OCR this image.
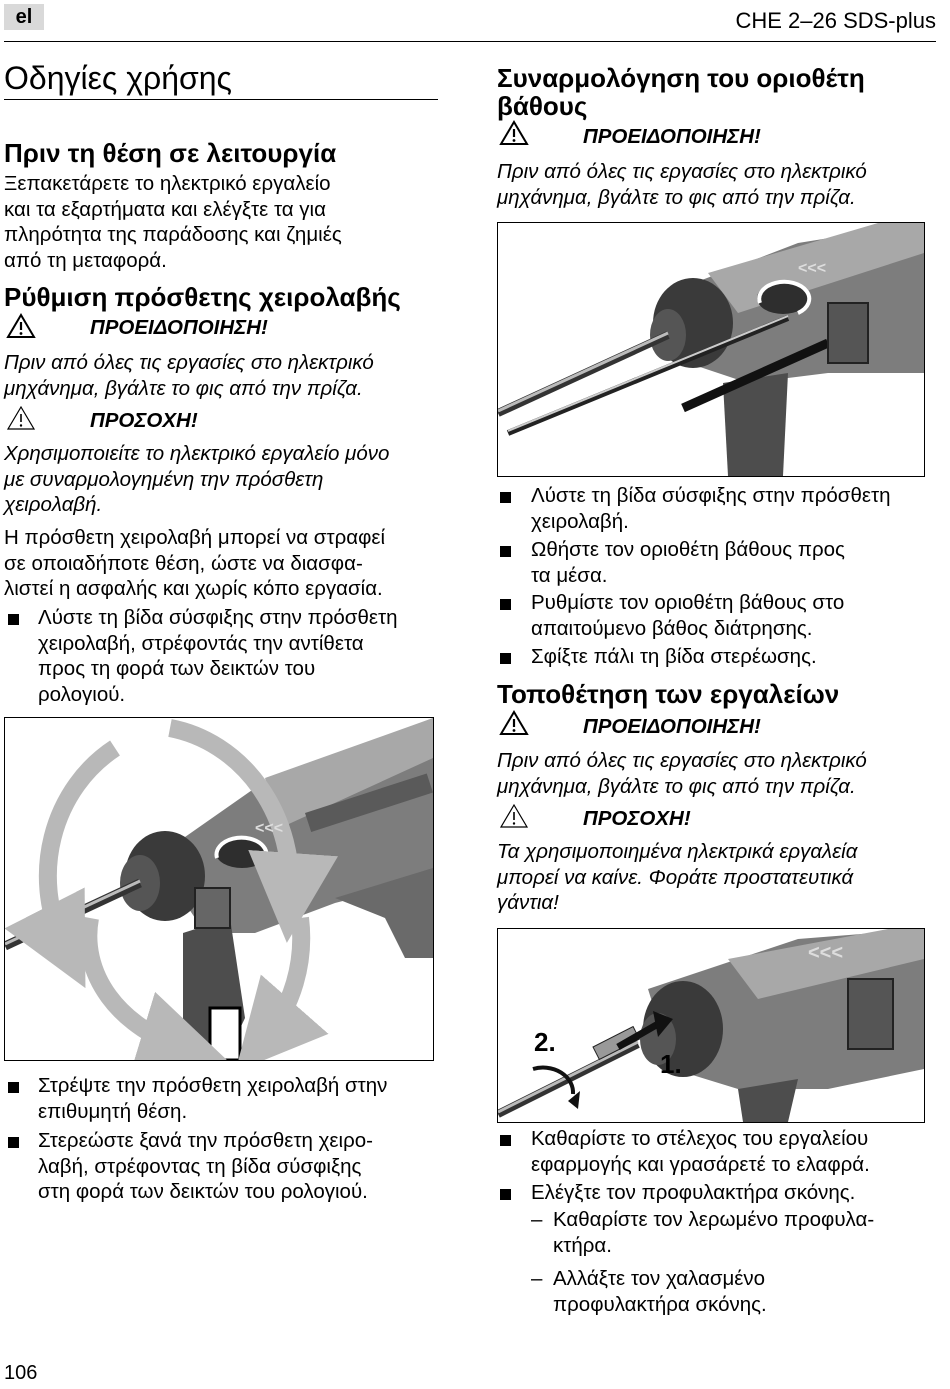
el	CHE 2–26 SDS-plus
Οδηγίες χρήσης
Πριν τη θέση σε λειτουργία
Ξεπακετάρετε το ηλεκτρικό εργαλείο
και τα εξαρτήματα και ελέγξτε τα για
πληρότητα της παράδοσης και ζημιές
από τη μεταφορά.
Ρύθμιση πρόσθετης χειρολαβής
ΠΡΟΕΙΔΟΠΟΙΗΣΗ!
Πριν από όλες τις εργασίες στο ηλεκτρικό
μηχάνημα, βγάλτε το φις από την πρίζα.
ΠΡΟΣΟΧΗ!
Χρησιμοποιείτε το ηλεκτρικό εργαλείο μόνο
με συναρμολογημένη την πρόσθετη
χειρολαβή.
Η πρόσθετη χειρολαβή μπορεί να στραφεί
σε οποιαδήποτε θέση, ώστε να διασφα-
λιστεί η ασφαλής και χωρίς κόπο εργασία.
Λύστε τη βίδα σύσφιξης στην πρόσθετη
χειρολαβή, στρέφοντάς την αντίθετα
προς τη φορά των δεικτών του
ρολογιού.
<<<
Στρέψτε την πρόσθετη χειρολαβή στην
επιθυμητή θέση.
Στερεώστε ξανά την πρόσθετη χειρο-
λαβή, στρέφοντας τη βίδα σύσφιξης
στη φορά των δεικτών του ρολογιού.
Συναρμολόγηση του οριοθέτη
βάθους
ΠΡΟΕΙΔΟΠΟΙΗΣΗ!
Πριν από όλες τις εργασίες στο ηλεκτρικό
μηχάνημα, βγάλτε το φις από την πρίζα.
<<<
Λύστε τη βίδα σύσφιξης στην πρόσθετη
χειρολαβή.
Ωθήστε τον οριοθέτη βάθους προς
τα μέσα.
Ρυθμίστε τον οριοθέτη βάθους στο
απαιτούμενο βάθος διάτρησης.
Σφίξτε πάλι τη βίδα στερέωσης.
Τοποθέτηση των εργαλείων
ΠΡΟΕΙΔΟΠΟΙΗΣΗ!
Πριν από όλες τις εργασίες στο ηλεκτρικό
μηχάνημα, βγάλτε το φις από την πρίζα.
ΠΡΟΣΟΧΗ!
Τα χρησιμοποιημένα ηλεκτρικά εργαλεία
μπορεί να καίνε. Φοράτε προστατευτικά
γάντια!
<<<
2.
1.
Καθαρίστε το στέλεχος του εργαλείου
εφαρμογής και γρασάρετέ το ελαφρά.
Ελέγξτε τον προφυλακτήρα σκόνης.
– Καθαρίστε τον λερωμένο προφυλα-
κτήρα.
– Αλλάξτε τον χαλασμένο
προφυλακτήρα σκόνης.
106
